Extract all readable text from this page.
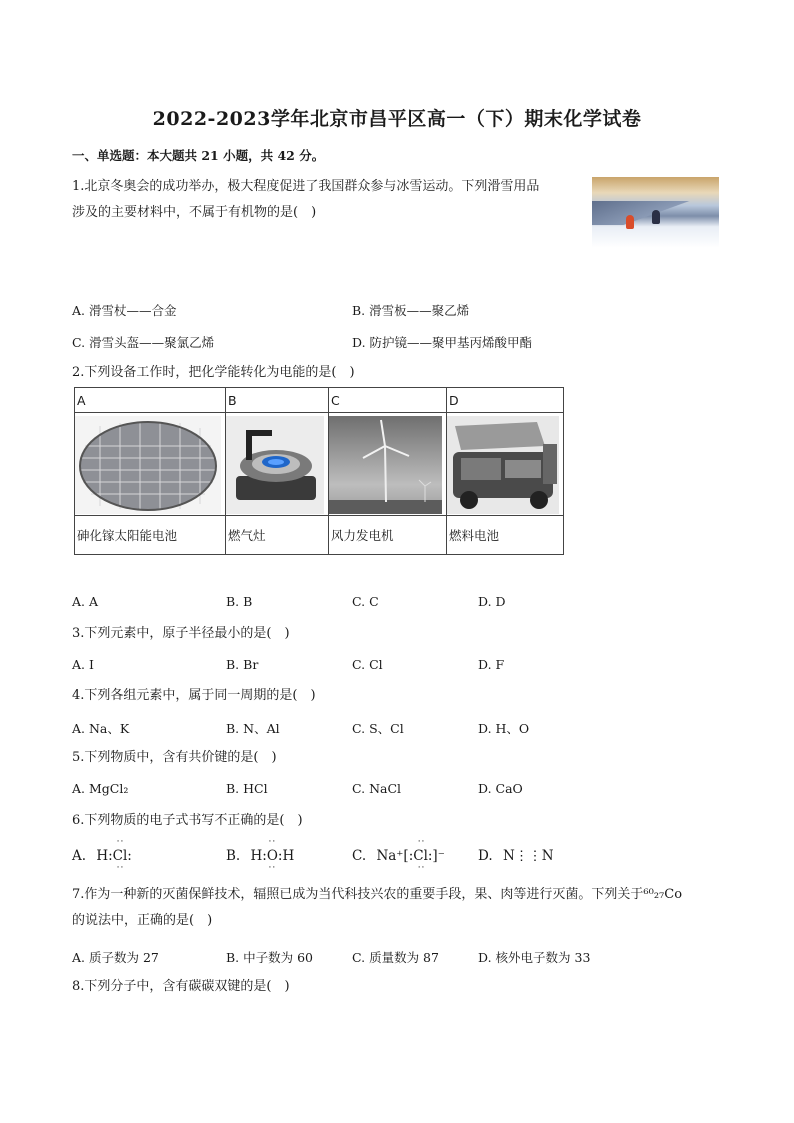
2022-2023学年北京市昌平区高一（下）期末化学试卷
一、单选题：本大题共 21 小题，共 42 分。
1.北京冬奥会的成功举办，极大程度促进了我国群众参与冰雪运动。下列滑雪用品
涉及的主要材料中，不属于有机物的是(　)
A. 滑雪杖——合金	B. 滑雪板——聚乙烯
C. 滑雪头盔——聚氯乙烯	D. 防护镜——聚甲基丙烯酸甲酯
2.下列设备工作时，把化学能转化为电能的是(　)
A	B	C	D

砷化镓太阳能电池	燃气灶	风力发电机	燃料电池
A. A	B. B	C. C	D. D
3.下列元素中，原子半径最小的是(　)
A. I	B. Br	C. Cl	D. F
4.下列各组元素中，属于同一周期的是(　)
A. Na、K	B. N、Al	C. S、Cl	D. H、O
5.下列物质中，含有共价键的是(　)
A. MgCl₂	B. HCl	C. NaCl	D. CaO
6.下列物质的电子式书写不正确的是(　)
A.
··
H:Cl:
··
B.
··
H:O:H
··
C.
··
Na⁺[:Cl:]⁻
··
D. N⋮⋮N
7.作为一种新的灭菌保鲜技术，辐照已成为当代科技兴农的重要手段，果、肉等进行灭菌。下列关于⁶⁰₂₇Co
的说法中，正确的是(　)
A. 质子数为 27	B. 中子数为 60	C. 质量数为 87	D. 核外电子数为 33
8.下列分子中，含有碳碳双键的是(　)
